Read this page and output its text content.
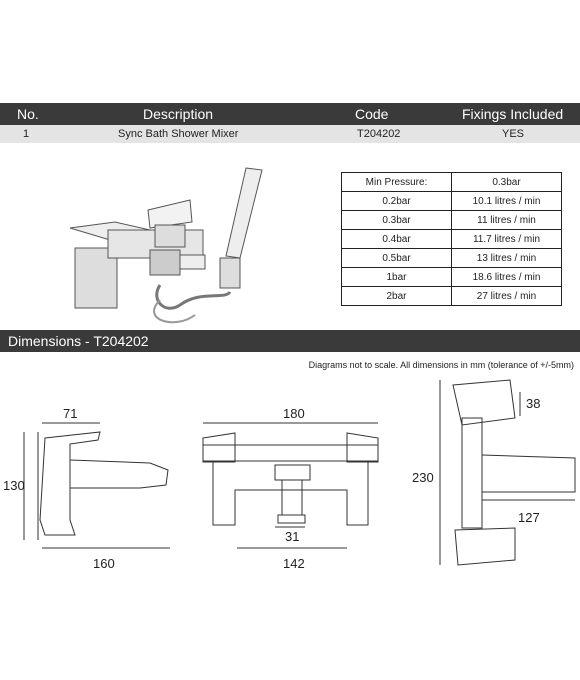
No.	Description	Code	Fixings Included
1	Sync Bath Shower Mixer	T204202	YES
Min Pressure:	0.3bar
0.2bar	10.1 litres / min
0.3bar	11 litres / min
0.4bar	11.7 litres / min
0.5bar	13 litres / min
1bar	18.6 litres / min
2bar	27 litres / min
Dimensions - T204202
Diagrams not to scale. All dimensions in mm (tolerance of +/-5mm)
71
130
160
180
31
142
230
38
127
